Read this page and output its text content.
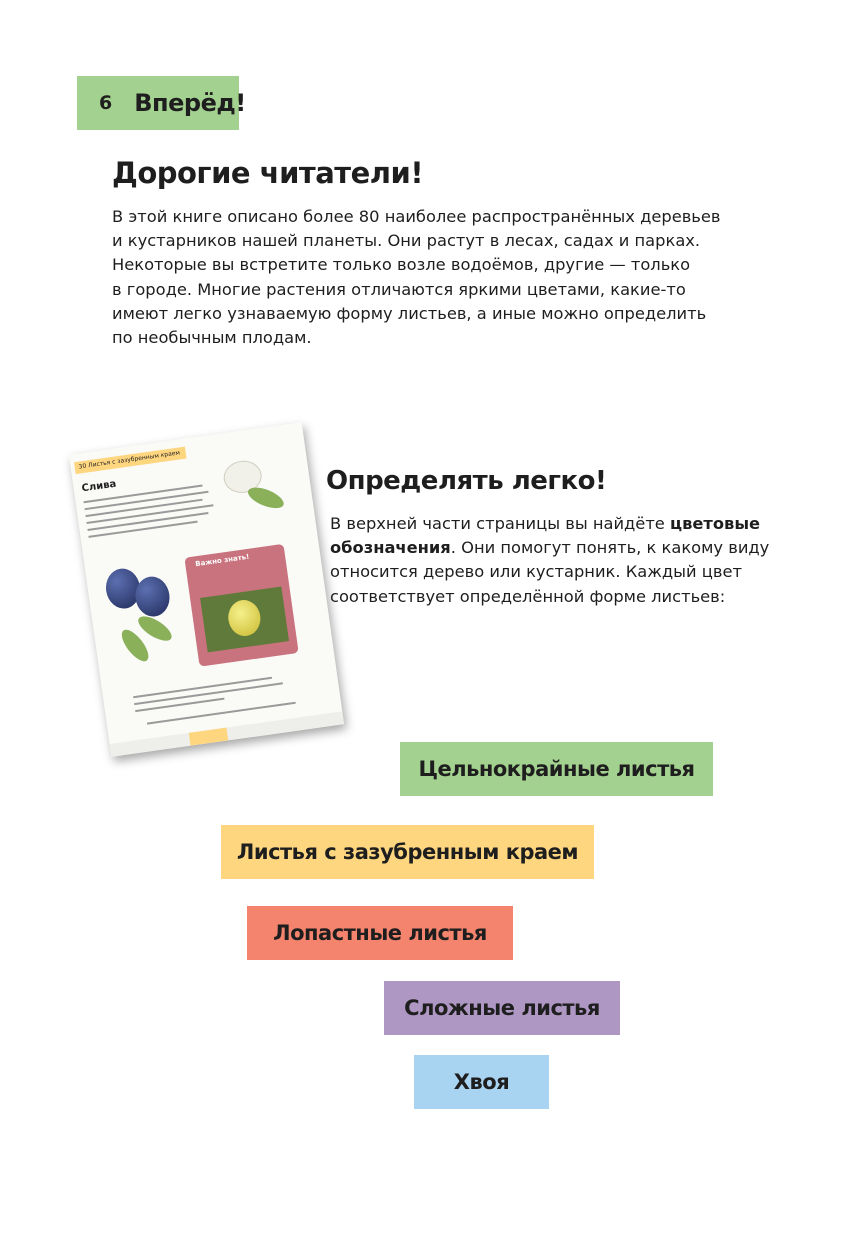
6 Вперёд!
Дорогие читатели!
В этой книге описано более 80 наиболее распространённых деревьев
и кустарников нашей планеты. Они растут в лесах, садах и парках.
Некоторые вы встретите только возле водоёмов, другие — только
в городе. Многие растения отличаются яркими цветами, какие-то
имеют легко узнаваемую форму листьев, а иные можно определить
по необычным плодам.
30 Листья с зазубренным краем
Слива
Важно знать!
Определять легко!
В верхней части страницы вы найдёте цветовые обозначения. Они помогут понять, к какому виду относится дерево или кустарник. Каждый цвет соответствует определённой форме листьев:
Цельнокрайные листья
Листья с зазубренным краем
Лопастные листья
Сложные листья
Хвоя
